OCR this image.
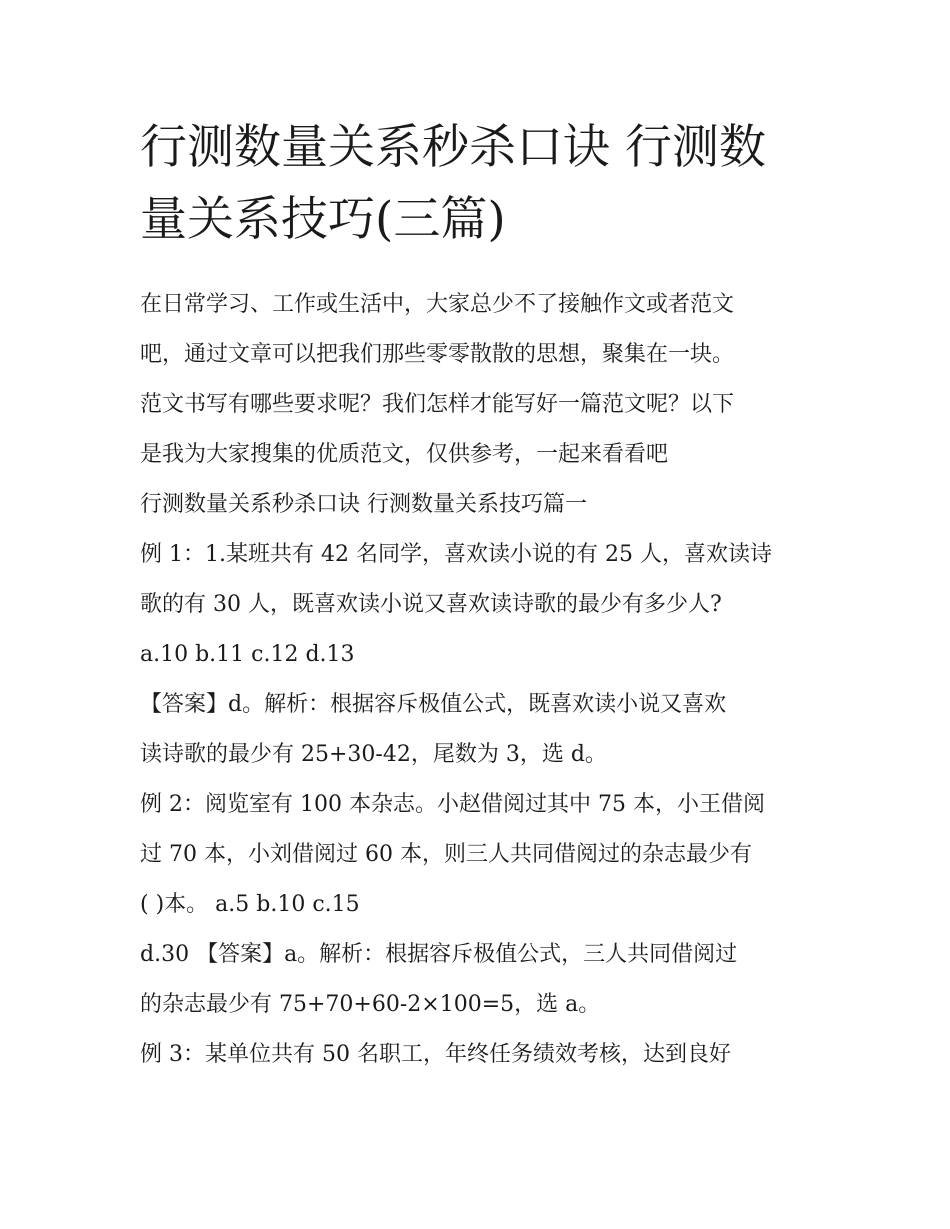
行测数量关系秒杀口诀 行测数
量关系技巧(三篇)
在日常学习、工作或生活中，大家总少不了接触作文或者范文
吧，通过文章可以把我们那些零零散散的思想，聚集在一块。
范文书写有哪些要求呢？我们怎样才能写好一篇范文呢？以下
是我为大家搜集的优质范文，仅供参考，一起来看看吧
行测数量关系秒杀口诀 行测数量关系技巧篇一
例 1：1.某班共有 42 名同学，喜欢读小说的有 25 人，喜欢读诗
歌的有 30 人，既喜欢读小说又喜欢读诗歌的最少有多少人?
a.10 b.11 c.12 d.13
【答案】d。解析：根据容斥极值公式，既喜欢读小说又喜欢
读诗歌的最少有 25+30-42，尾数为 3，选 d。
例 2：阅览室有 100 本杂志。小赵借阅过其中 75 本，小王借阅
过 70 本，小刘借阅过 60 本，则三人共同借阅过的杂志最少有
( )本。 a.5 b.10 c.15
d.30 【答案】a。解析：根据容斥极值公式，三人共同借阅过
的杂志最少有 75+70+60-2×100=5，选 a。
例 3：某单位共有 50 名职工，年终任务绩效考核，达到良好
